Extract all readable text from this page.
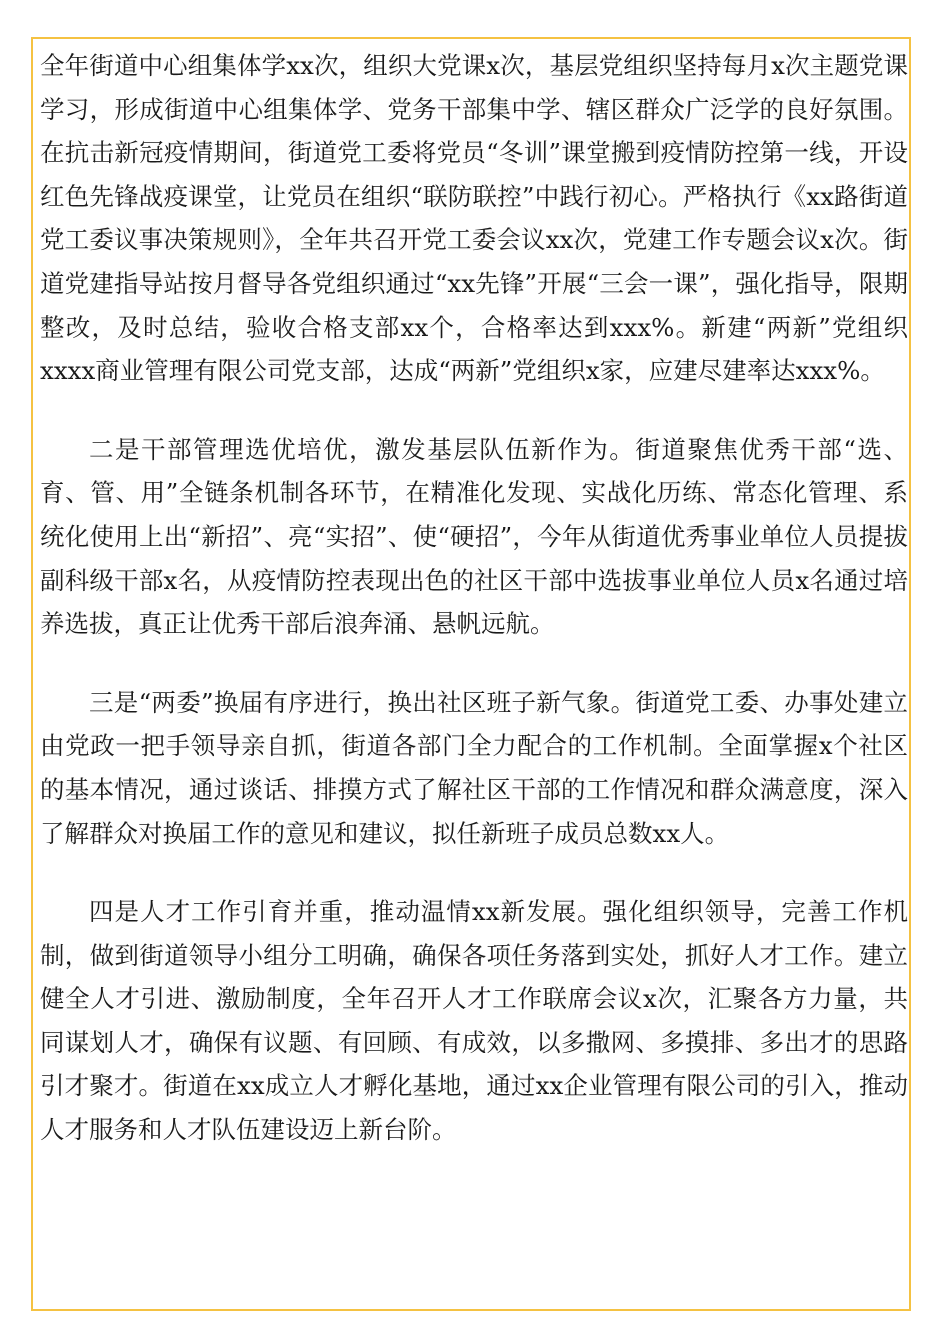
全年街道中心组集体学xx次，组织大党课x次，基层党组织坚持每月x次主题党课学习，形成街道中心组集体学、党务干部集中学、辖区群众广泛学的良好氛围。在抗击新冠疫情期间，街道党工委将党员“冬训”课堂搬到疫情防控第一线，开设红色先锋战疫课堂，让党员在组织“联防联控”中践行初心。严格执行《xx路街道党工委议事决策规则》，全年共召开党工委会议xx次，党建工作专题会议x次。街道党建指导站按月督导各党组织通过“xx先锋”开展“三会一课”，强化指导，限期整改，及时总结，验收合格支部xx个，合格率达到xxx%。新建“两新”党组织xxxx商业管理有限公司党支部，达成“两新”党组织x家，应建尽建率达xxx%。

二是干部管理选优培优，激发基层队伍新作为。街道聚焦优秀干部“选、育、管、用”全链条机制各环节，在精准化发现、实战化历练、常态化管理、系统化使用上出“新招”、亮“实招”、使“硬招”，今年从街道优秀事业单位人员提拔副科级干部x名，从疫情防控表现出色的社区干部中选拔事业单位人员x名通过培养选拔，真正让优秀干部后浪奔涌、悬帆远航。

三是“两委”换届有序进行，换出社区班子新气象。街道党工委、办事处建立由党政一把手领导亲自抓，街道各部门全力配合的工作机制。全面掌握x个社区的基本情况，通过谈话、排摸方式了解社区干部的工作情况和群众满意度，深入了解群众对换届工作的意见和建议，拟任新班子成员总数xx人。

四是人才工作引育并重，推动温情xx新发展。强化组织领导，完善工作机制，做到街道领导小组分工明确，确保各项任务落到实处，抓好人才工作。建立健全人才引进、激励制度，全年召开人才工作联席会议x次，汇聚各方力量，共同谋划人才，确保有议题、有回顾、有成效，以多撒网、多摸排、多出才的思路引才聚才。街道在xx成立人才孵化基地，通过xx企业管理有限公司的引入，推动人才服务和人才队伍建设迈上新台阶。
